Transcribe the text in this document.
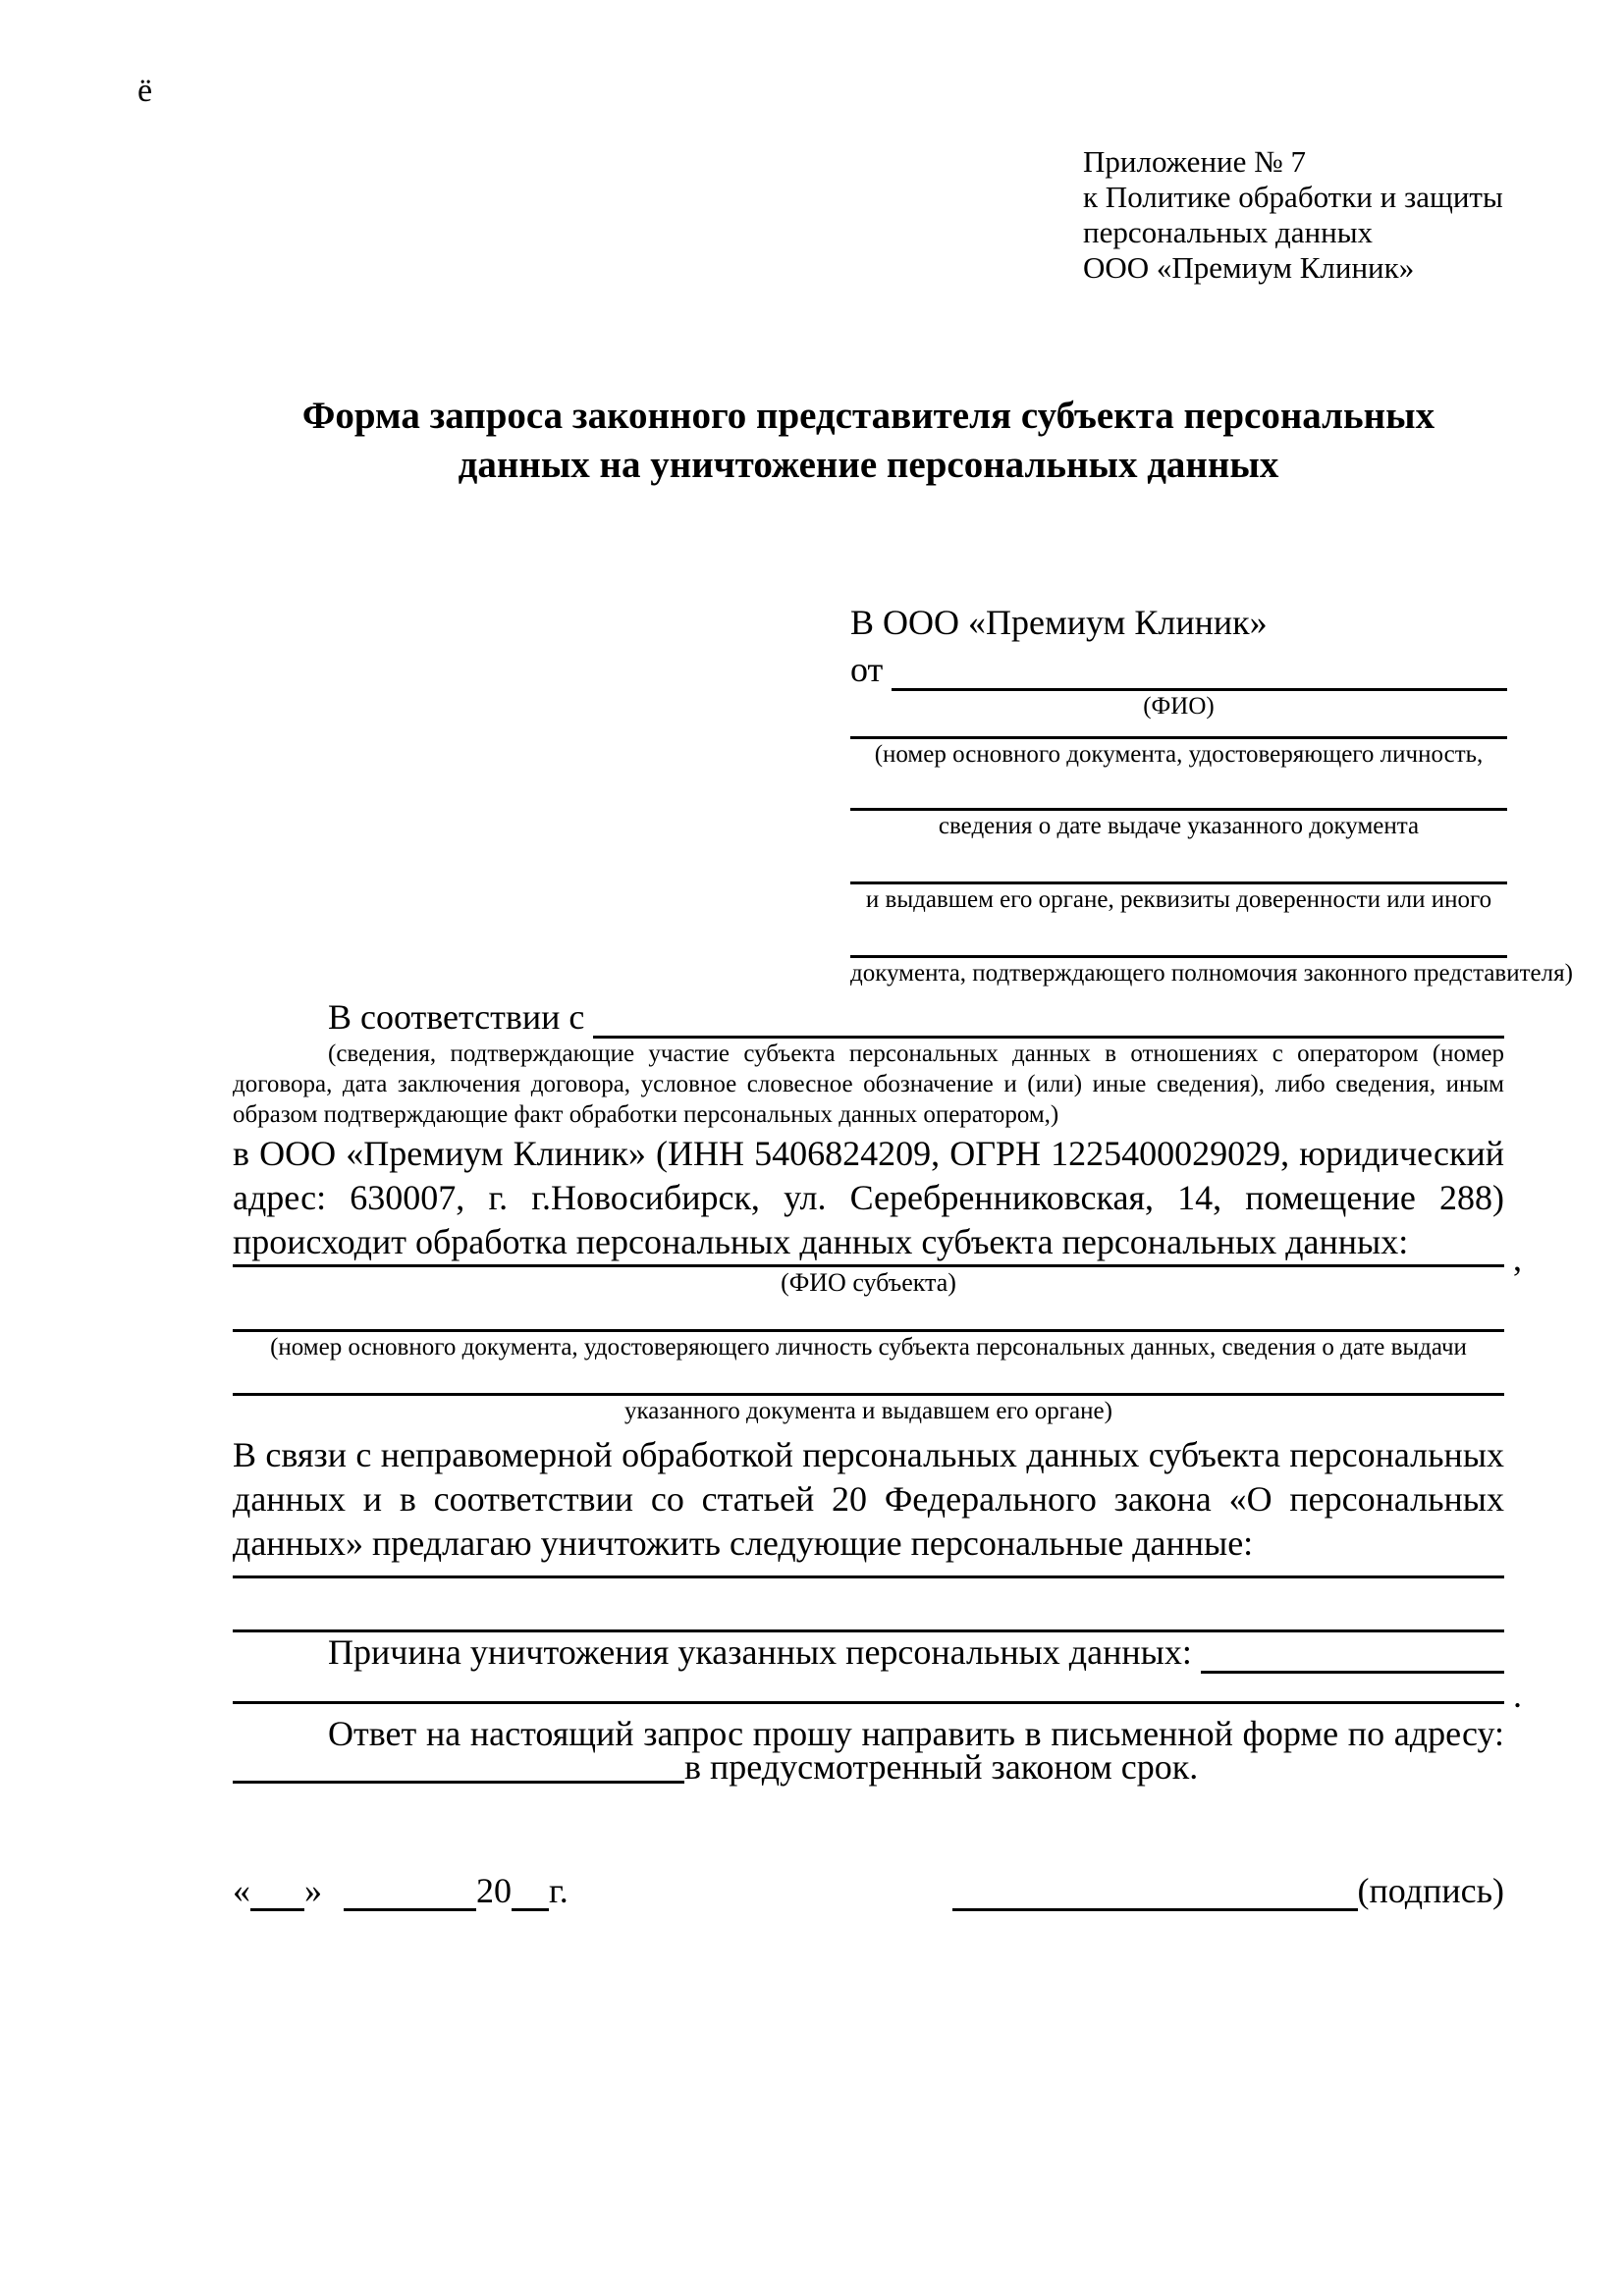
ё
Приложение № 7
к Политике обработки и защиты
персональных данных
ООО «Премиум Клиник»
Форма запроса законного представителя субъекта персональных данных на уничтожение персональных данных
В ООО «Премиум Клиник»
от
(ФИО)
(номер основного документа, удостоверяющего личность,
сведения о дате выдаче указанного документа
и выдавшем его органе, реквизиты доверенности или иного
документа, подтверждающего полномочия законного представителя)
В соответствии с
(сведения, подтверждающие участие субъекта персональных данных в отношениях с оператором (номер договора, дата заключения договора, условное словесное обозначение и (или) иные сведения), либо сведения, иным образом подтверждающие факт обработки персональных данных оператором,)
в ООО «Премиум Клиник» (ИНН 5406824209, ОГРН 1225400029029, юридический адрес: 630007, г. г.Новосибирск, ул. Серебренниковская, 14, помещение 288) происходит обработка персональных данных субъекта персональных данных:	,
(ФИО субъекта)
(номер основного документа, удостоверяющего личность субъекта персональных данных, сведения о дате выдачи
указанного документа и выдавшем его органе)
В связи с неправомерной обработкой персональных данных субъекта персональных данных и в соответствии со статьей 20 Федерального закона «О персональных данных» предлагаю уничтожить следующие персональные данные:
Причина уничтожения указанных персональных данных:
.
Ответ на настоящий запрос прошу направить в письменной форме по адресу:
в предусмотренный законом срок.
« »	20 г.	(подпись)
